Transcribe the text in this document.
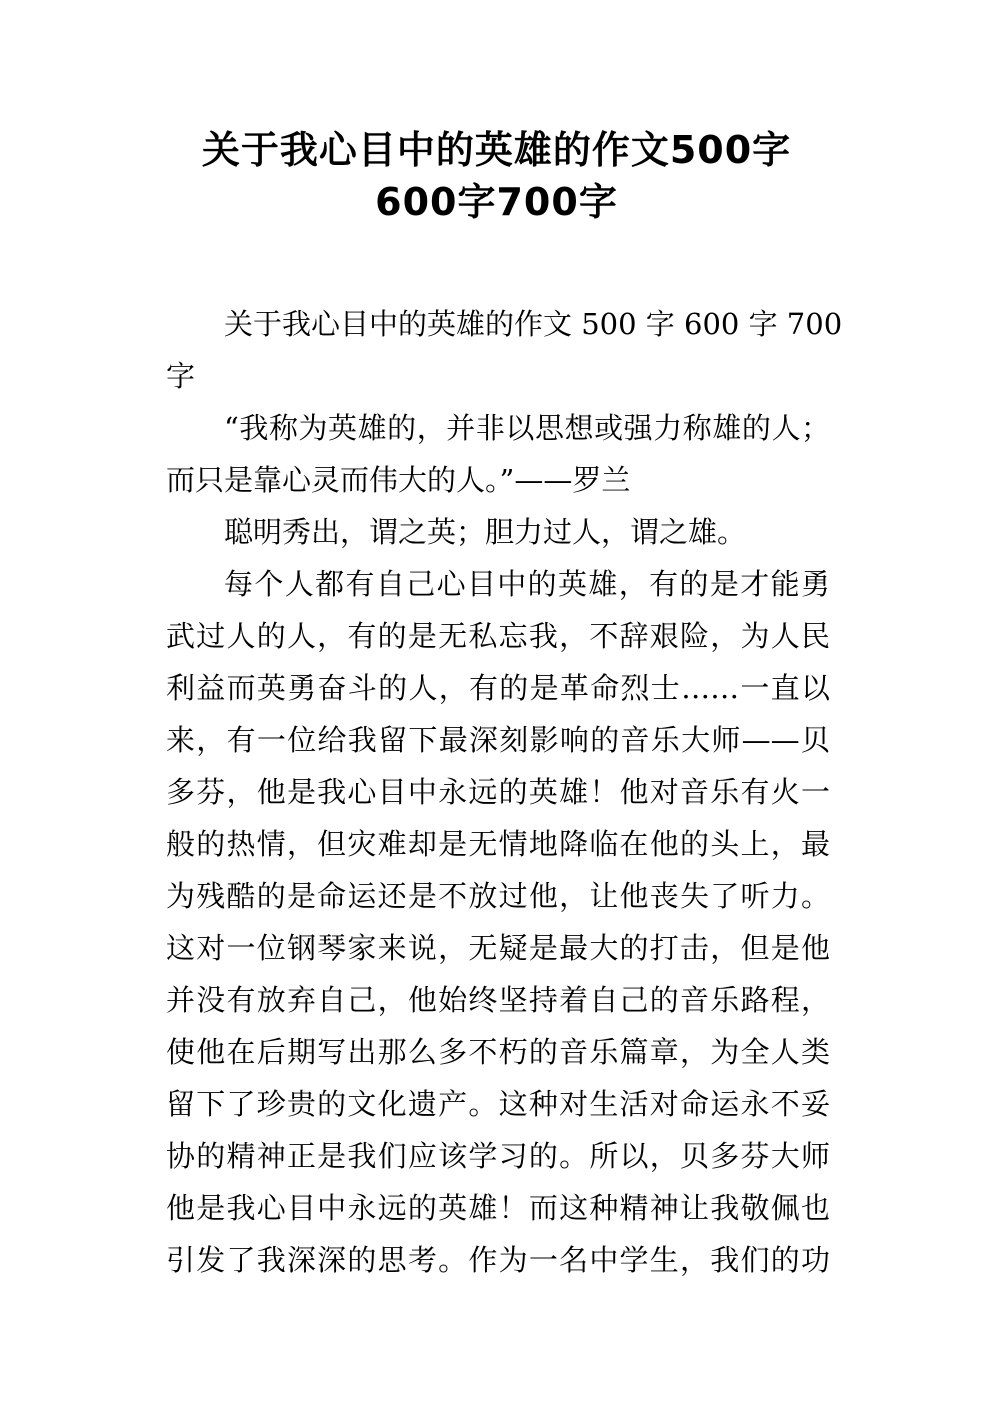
关于我心目中的英雄的作文500字
600字700字
关于我心目中的英雄的作文 500 字 600 字 700
字
“我称为英雄的，并非以思想或强力称雄的人；
而只是靠心灵而伟大的人。”——罗兰
聪明秀出，谓之英；胆力过人，谓之雄。
每个人都有自己心目中的英雄，有的是才能勇
武过人的人，有的是无私忘我，不辞艰险，为人民
利益而英勇奋斗的人，有的是革命烈士……一直以
来，有一位给我留下最深刻影响的音乐大师——贝
多芬，他是我心目中永远的英雄！他对音乐有火一
般的热情，但灾难却是无情地降临在他的头上，最
为残酷的是命运还是不放过他，让他丧失了听力。
这对一位钢琴家来说，无疑是最大的打击，但是他
并没有放弃自己，他始终坚持着自己的音乐路程，
使他在后期写出那么多不朽的音乐篇章，为全人类
留下了珍贵的文化遗产。这种对生活对命运永不妥
协的精神正是我们应该学习的。所以，贝多芬大师
他是我心目中永远的英雄！而这种精神让我敬佩也
引发了我深深的思考。作为一名中学生，我们的功
